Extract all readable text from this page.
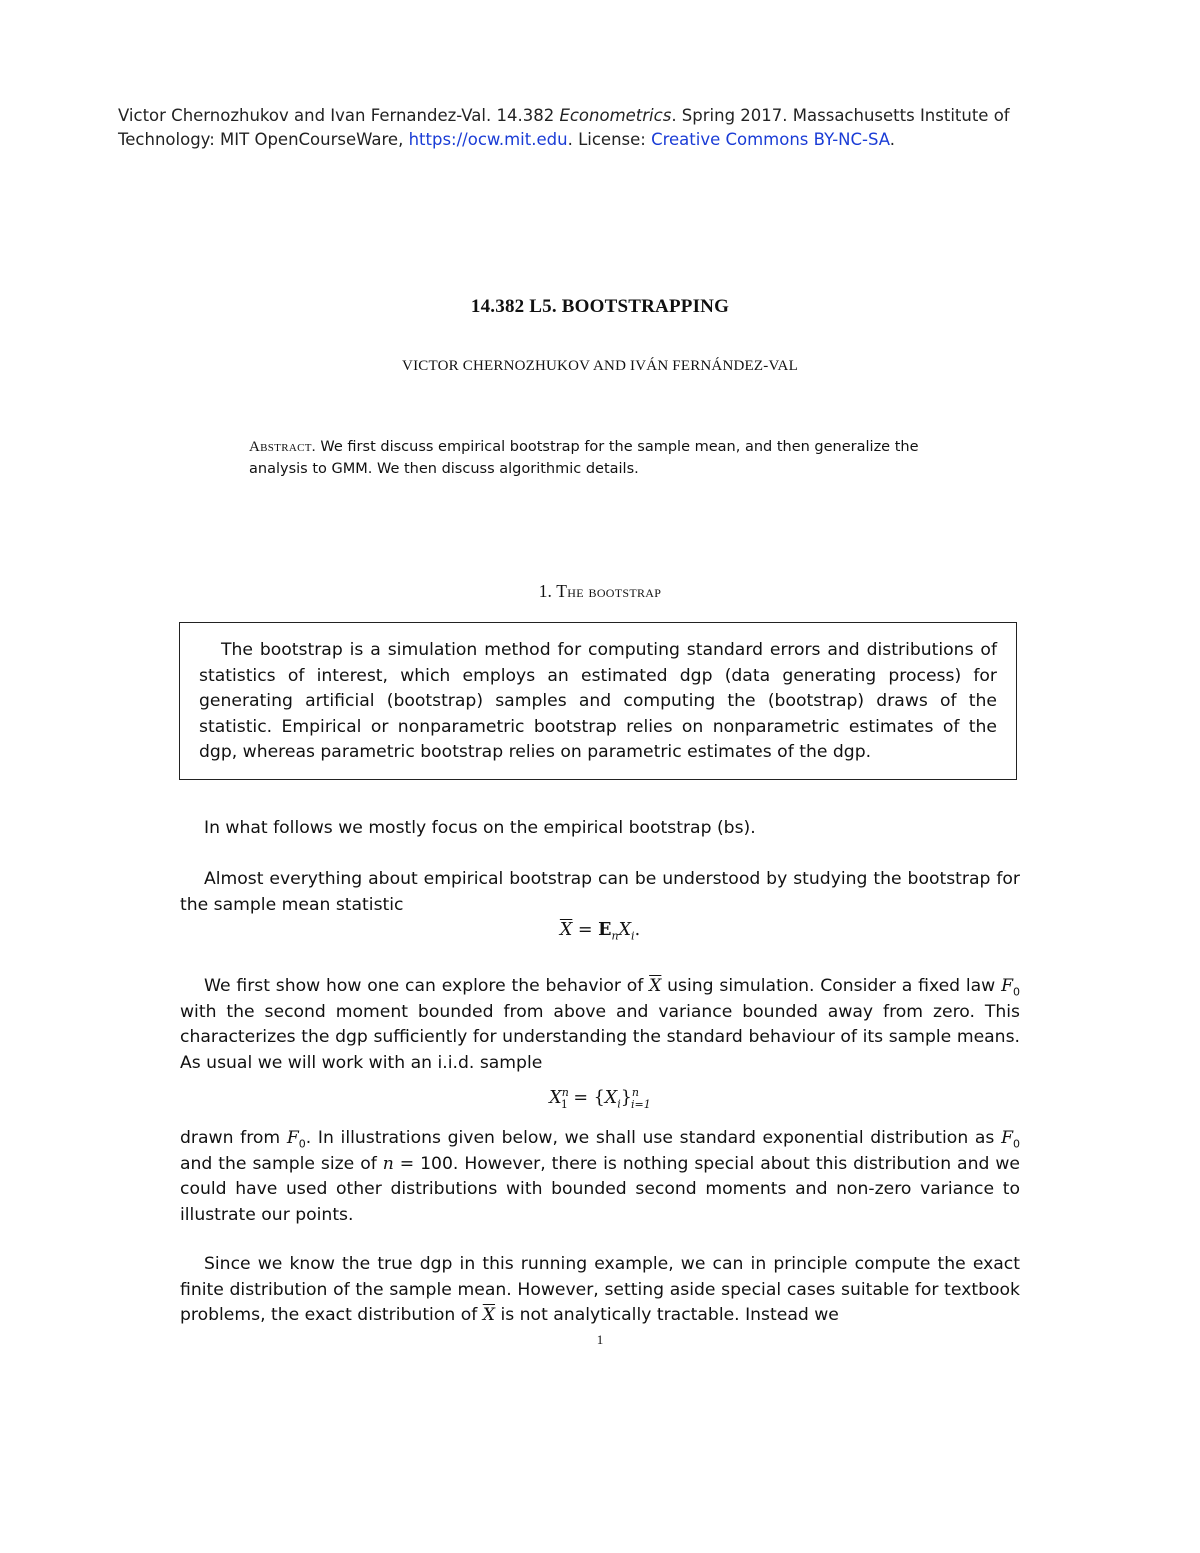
Victor Chernozhukov and Ivan Fernandez-Val. 14.382 Econometrics. Spring 2017. Massachusetts Institute of Technology: MIT OpenCourseWare, https://ocw.mit.edu. License: Creative Commons BY-NC-SA.
14.382 L5. BOOTSTRAPPING
VICTOR CHERNOZHUKOV AND IVÁN FERNÁNDEZ-VAL
Abstract. We first discuss empirical bootstrap for the sample mean, and then generalize the analysis to GMM. We then discuss algorithmic details.
1. The bootstrap
The bootstrap is a simulation method for computing standard errors and distributions of statistics of interest, which employs an estimated dgp (data generating process) for generating artificial (bootstrap) samples and computing the (bootstrap) draws of the statistic. Empirical or nonparametric bootstrap relies on nonparametric estimates of the dgp, whereas parametric bootstrap relies on parametric estimates of the dgp.
In what follows we mostly focus on the empirical bootstrap (bs).
Almost everything about empirical bootstrap can be understood by studying the bootstrap for the sample mean statistic
$\overline{X} = E_nX_i$.
We first show how one can explore the behavior of $\overline{X}$ using simulation. Consider a fixed law $F_0$ with the second moment bounded from above and variance bounded away from zero. This characterizes the dgp sufficiently for understanding the standard behaviour of its sample means. As usual we will work with an i.i.d. sample
$X^n_1 = \{X_i\}^n_{i=1}$
drawn from $F_0$. In illustrations given below, we shall use standard exponential distribution as $F_0$ and the sample size of n = 100. However, there is nothing special about this distribution and we could have used other distributions with bounded second moments and non-zero variance to illustrate our points.
Since we know the true dgp in this running example, we can in principle compute the exact finite distribution of the sample mean. However, setting aside special cases suitable for textbook problems, the exact distribution of $\overline{X}$ is not analytically tractable. Instead we
1
